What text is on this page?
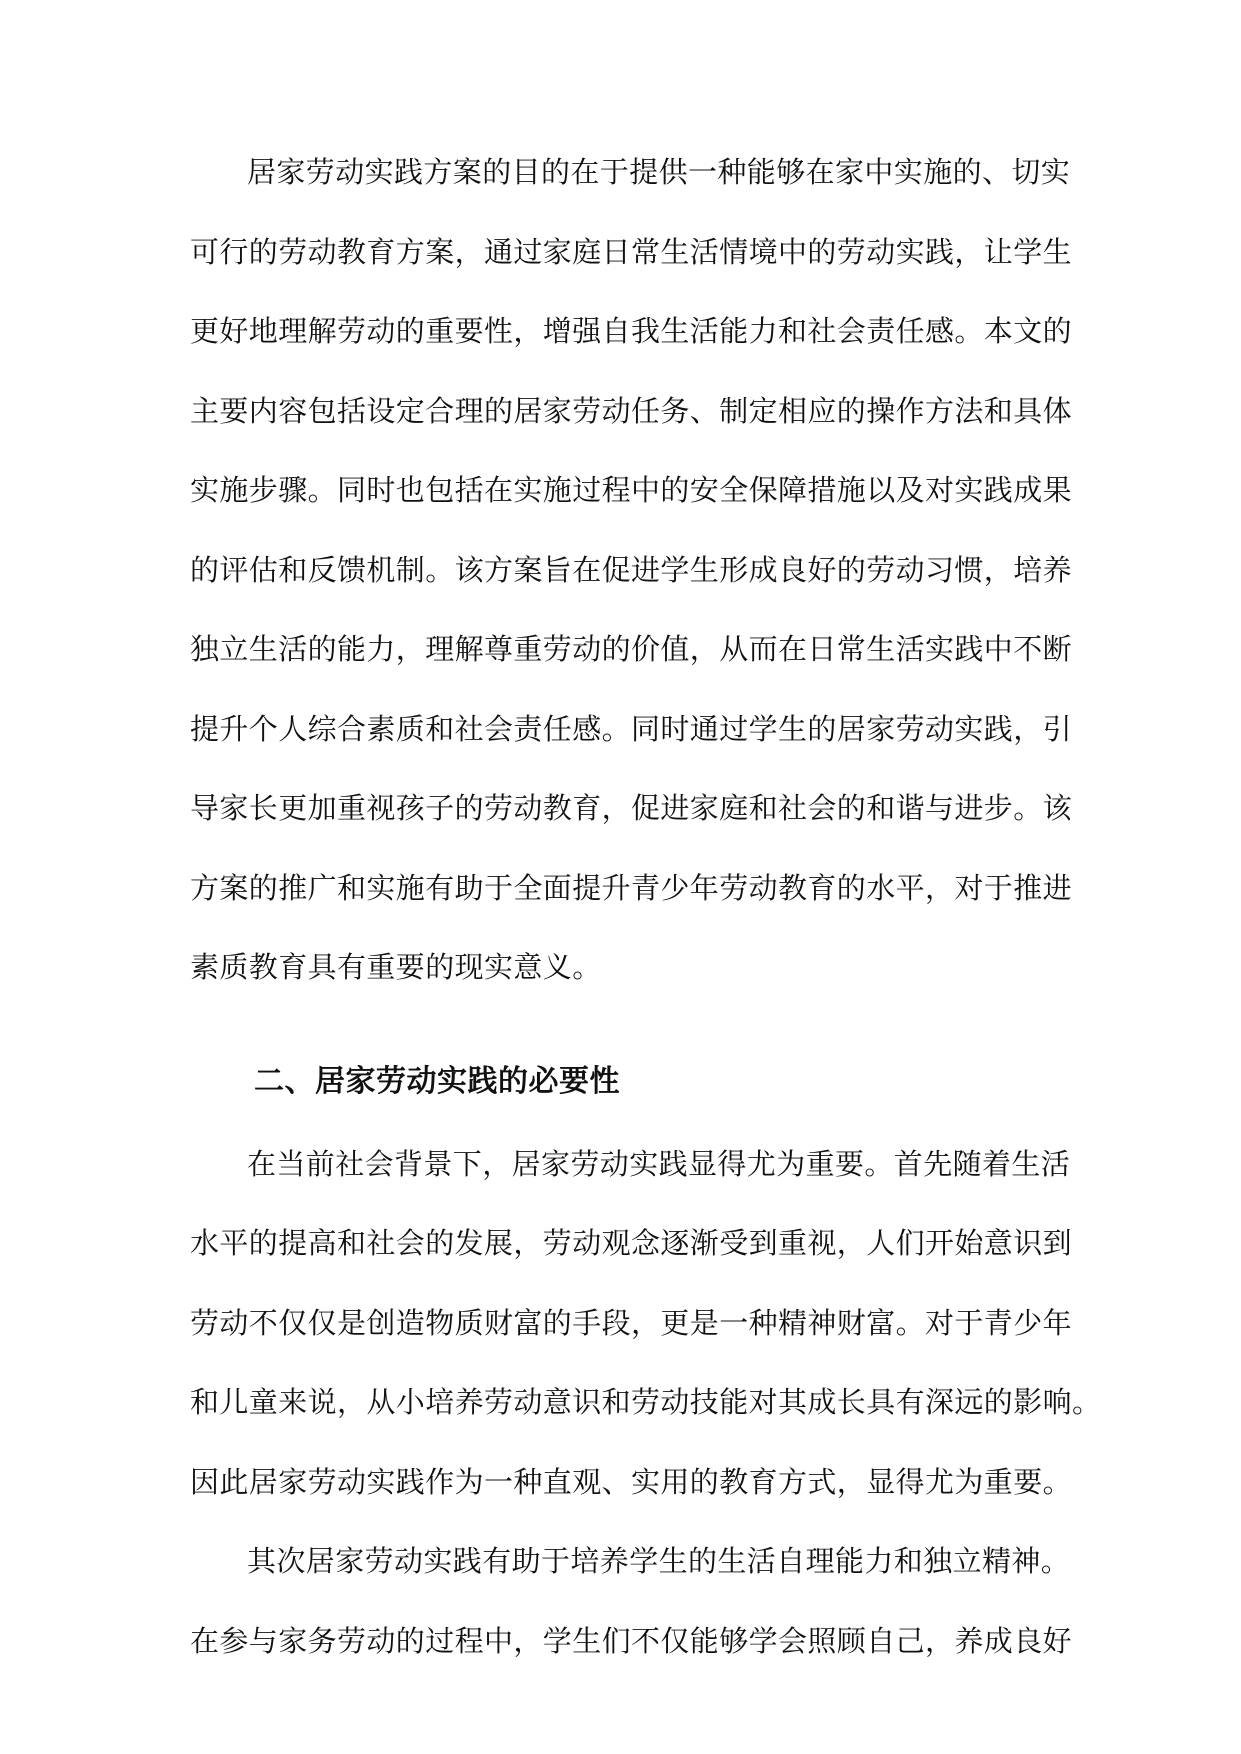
居家劳动实践方案的目的在于提供一种能够在家中实施的、切实
可行的劳动教育方案，通过家庭日常生活情境中的劳动实践，让学生
更好地理解劳动的重要性，增强自我生活能力和社会责任感。本文的
主要内容包括设定合理的居家劳动任务、制定相应的操作方法和具体
实施步骤。同时也包括在实施过程中的安全保障措施以及对实践成果
的评估和反馈机制。该方案旨在促进学生形成良好的劳动习惯，培养
独立生活的能力，理解尊重劳动的价值，从而在日常生活实践中不断
提升个人综合素质和社会责任感。同时通过学生的居家劳动实践，引
导家长更加重视孩子的劳动教育，促进家庭和社会的和谐与进步。该
方案的推广和实施有助于全面提升青少年劳动教育的水平，对于推进
素质教育具有重要的现实意义。
二、居家劳动实践的必要性
在当前社会背景下，居家劳动实践显得尤为重要。首先随着生活
水平的提高和社会的发展，劳动观念逐渐受到重视，人们开始意识到
劳动不仅仅是创造物质财富的手段，更是一种精神财富。对于青少年
和儿童来说，从小培养劳动意识和劳动技能对其成长具有深远的影响。
因此居家劳动实践作为一种直观、实用的教育方式，显得尤为重要。
其次居家劳动实践有助于培养学生的生活自理能力和独立精神。
在参与家务劳动的过程中，学生们不仅能够学会照顾自己，养成良好
